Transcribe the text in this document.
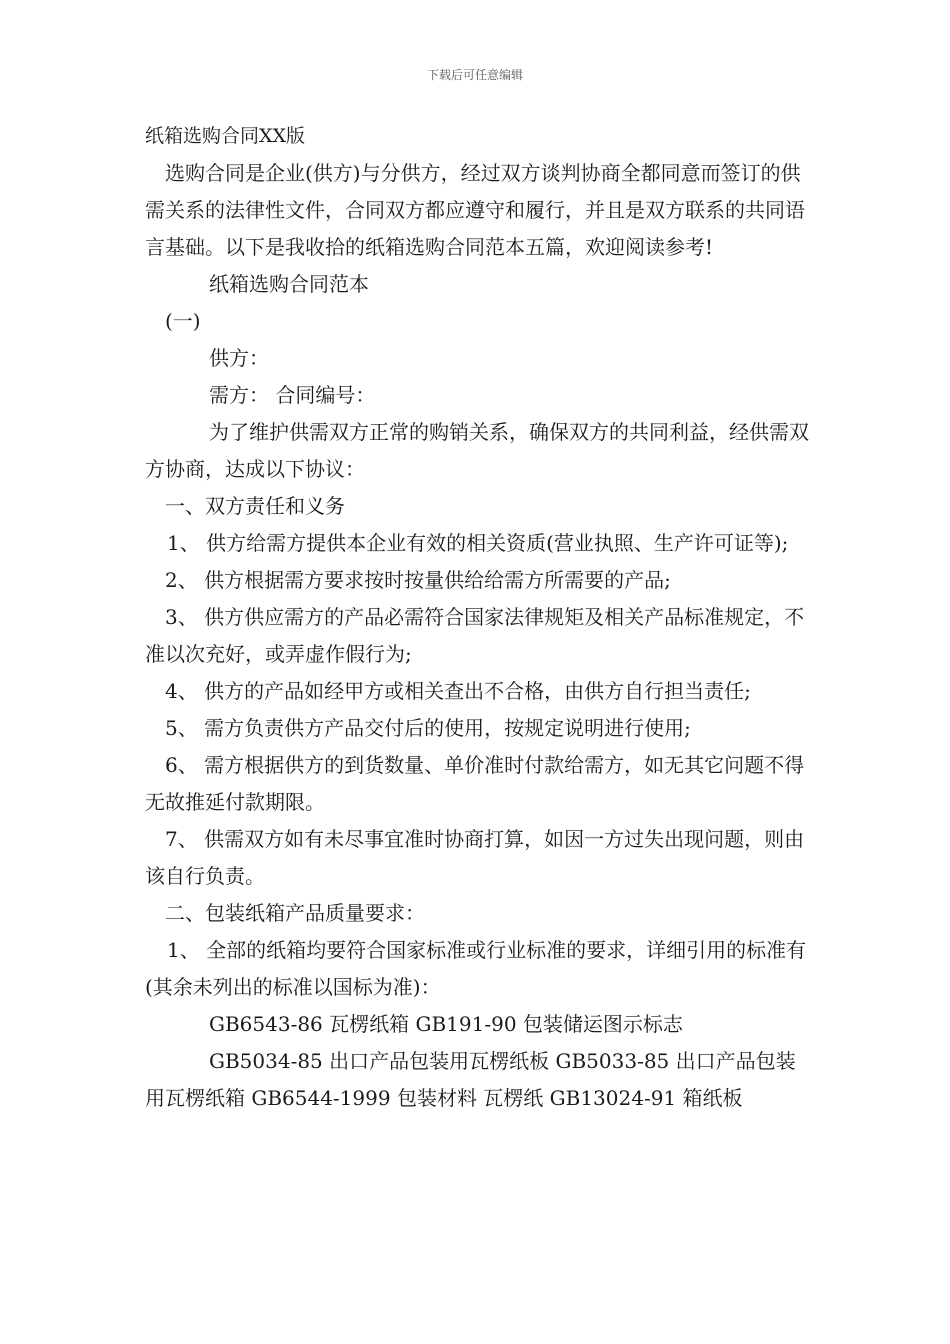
下载后可任意编辑

纸箱选购合同XX版

选购合同是企业(供方)与分供方，经过双方谈判协商全都同意而签订的供需关系的法律性文件，合同双方都应遵守和履行，并且是双方联系的共同语言基础。以下是我收拾的纸箱选购合同范本五篇，欢迎阅读参考!

纸箱选购合同范本

(一)

供方：

需方： 合同编号：

为了维护供需双方正常的购销关系，确保双方的共同利益，经供需双方协商，达成以下协议：

一、双方责任和义务

1、 供方给需方提供本企业有效的相关资质(营业执照、生产许可证等);

2、 供方根据需方要求按时按量供给给需方所需要的产品;

3、 供方供应需方的产品必需符合国家法律规矩及相关产品标准规定，不准以次充好，或弄虚作假行为;

4、 供方的产品如经甲方或相关查出不合格，由供方自行担当责任;

5、 需方负责供方产品交付后的使用，按规定说明进行使用;

6、 需方根据供方的到货数量、单价准时付款给需方，如无其它问题不得无故推延付款期限。

7、 供需双方如有未尽事宜准时协商打算，如因一方过失出现问题，则由该自行负责。

二、包装纸箱产品质量要求：

1、 全部的纸箱均要符合国家标准或行业标准的要求，详细引用的标准有(其余未列出的标准以国标为准)：

GB6543-86 瓦楞纸箱 GB191-90 包装储运图示标志

GB5034-85 出口产品包装用瓦楞纸板 GB5033-85 出口产品包装用瓦楞纸箱 GB6544-1999 包装材料 瓦楞纸 GB13024-91 箱纸板
